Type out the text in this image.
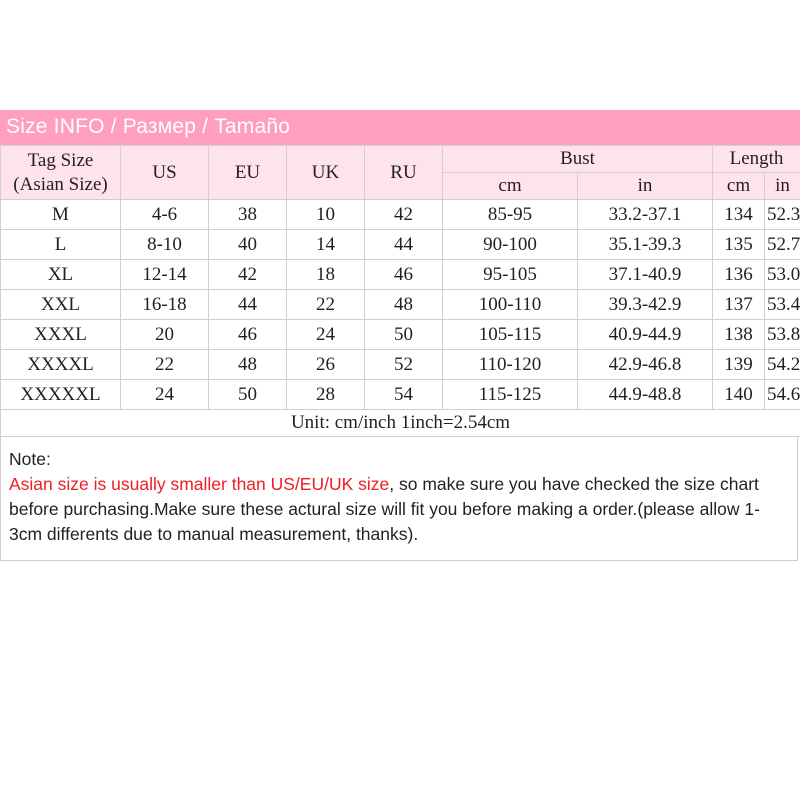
Size INFO / Размер / Tamaño
Tag Size (Asian Size)	US	EU	UK	RU	Bust		Length	
					cm	in	cm	in
M	4-6	38	10	42	85-95	33.2-37.1	134	52.3
L	8-10	40	14	44	90-100	35.1-39.3	135	52.7
XL	12-14	42	18	46	95-105	37.1-40.9	136	53.0
XXL	16-18	44	22	48	100-110	39.3-42.9	137	53.4
XXXL	20	46	24	50	105-115	40.9-44.9	138	53.8
XXXXL	22	48	26	52	110-120	42.9-46.8	139	54.2
XXXXXL	24	50	28	54	115-125	44.9-48.8	140	54.6
Unit: cm/inch 1inch=2.54cm								
Note:
Asian size is usually smaller than US/EU/UK size, so make sure you have checked the size chart before purchasing.Make sure these actural size will fit you before making a order.(please allow 1-3cm differents due to manual measurement, thanks).
